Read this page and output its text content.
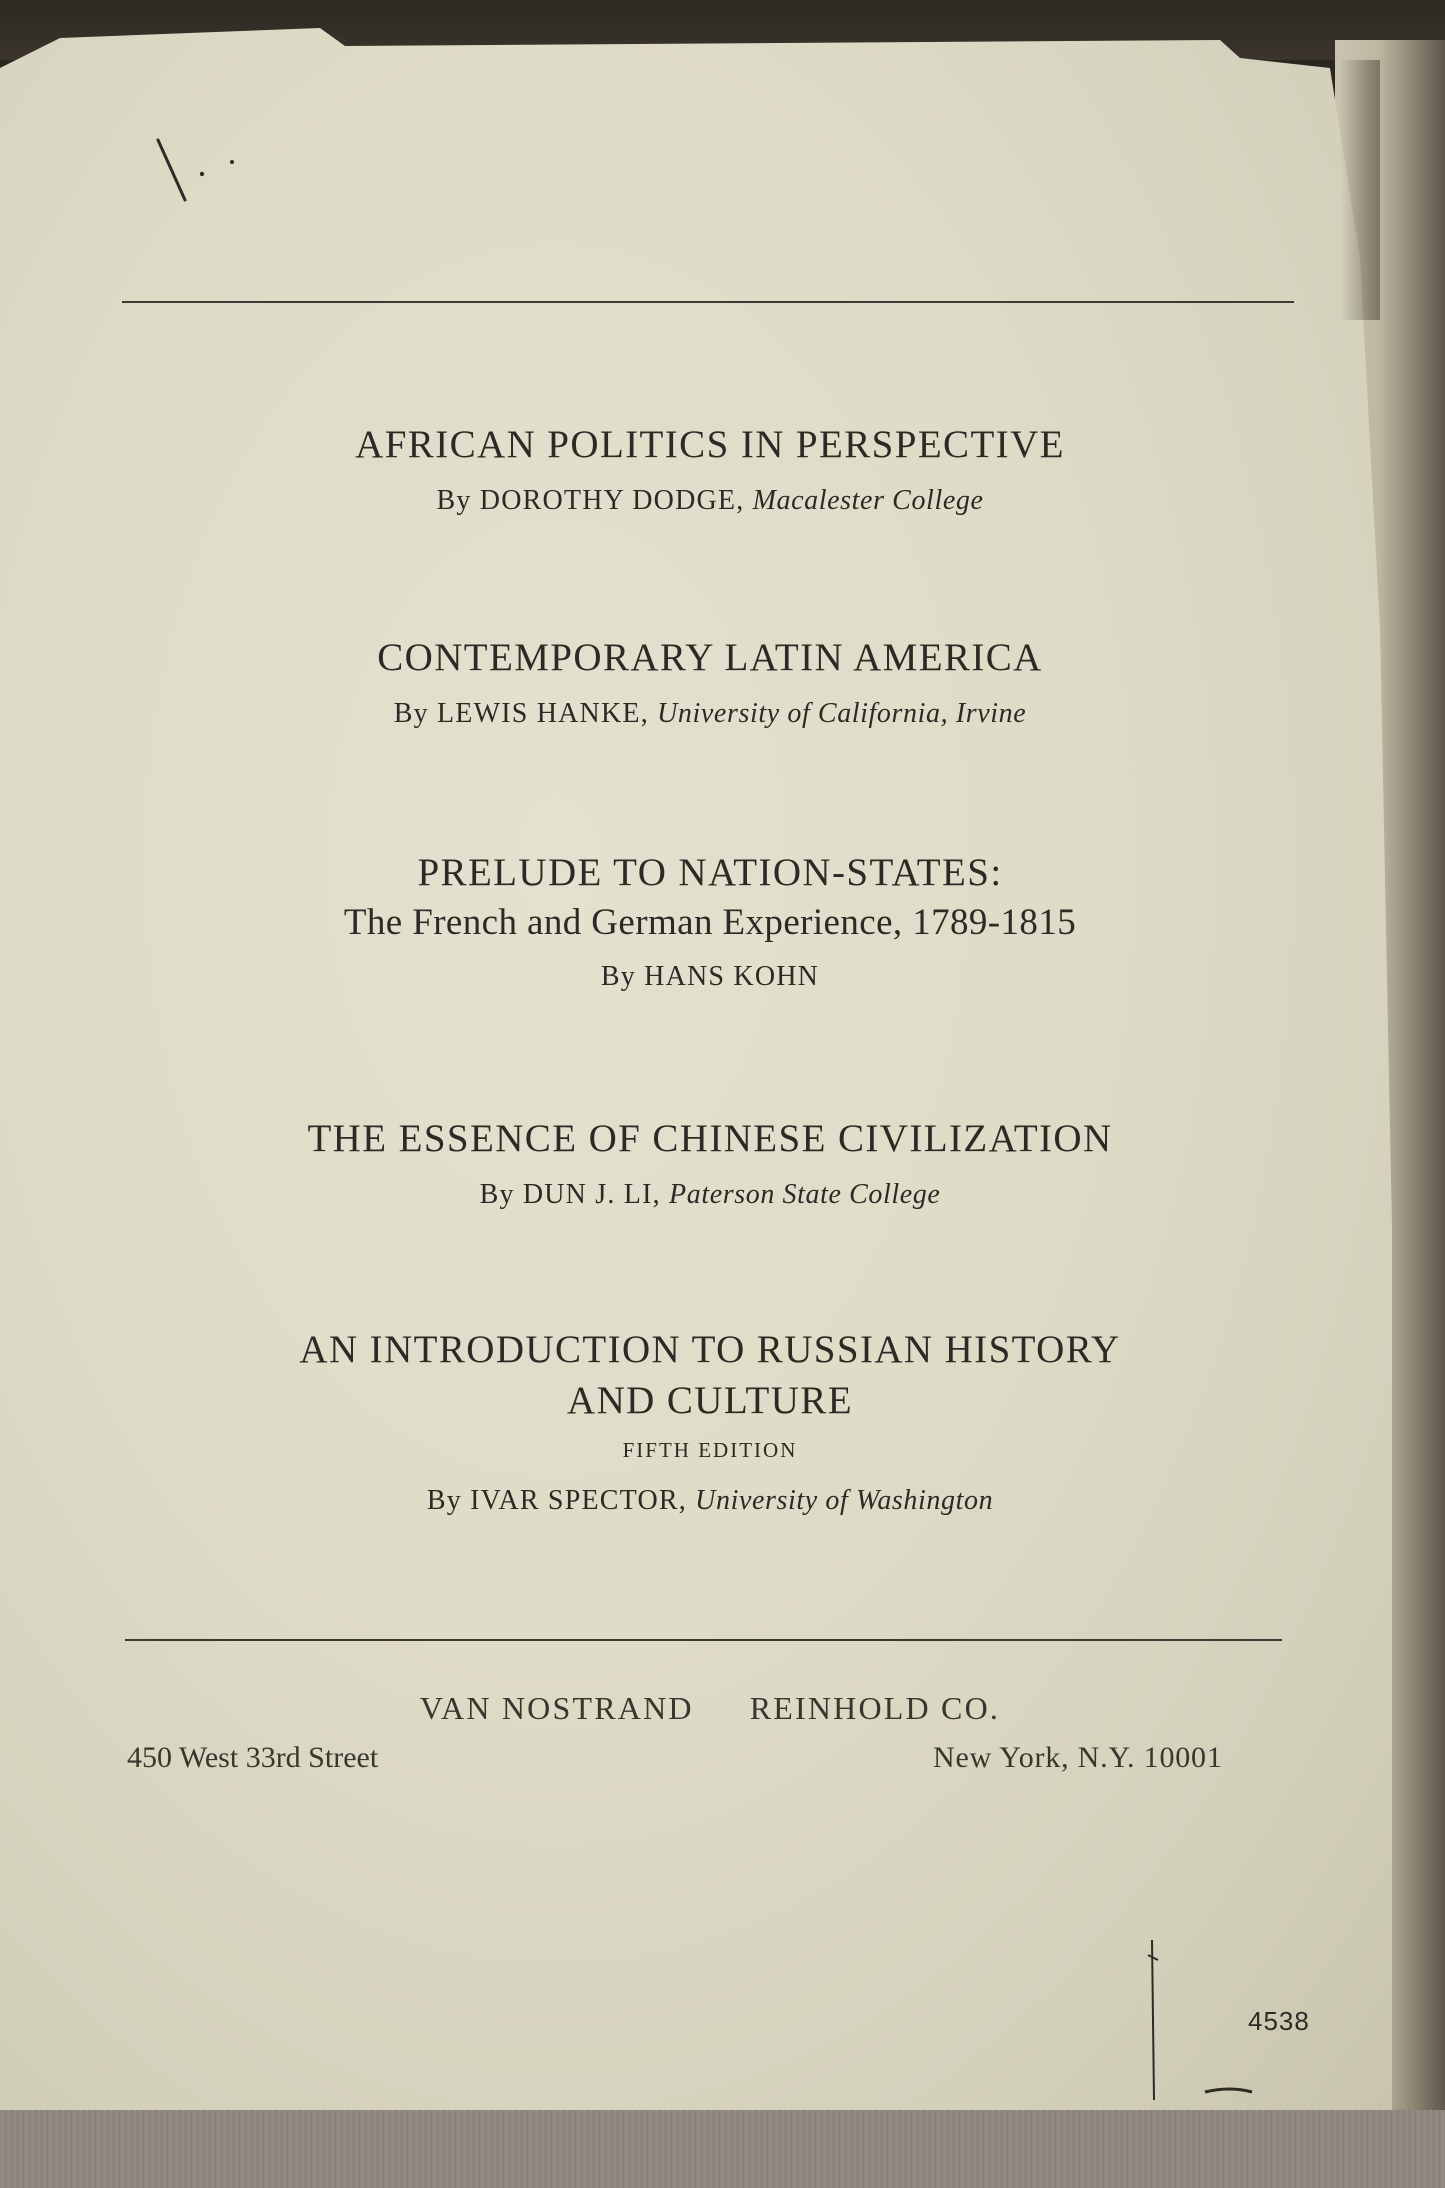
AFRICAN POLITICS IN PERSPECTIVE

By DOROTHY DODGE, Macalester College

CONTEMPORARY LATIN AMERICA

By LEWIS HANKE, University of California, Irvine

PRELUDE TO NATION-STATES:

The French and German Experience, 1789-1815

By HANS KOHN

THE ESSENCE OF CHINESE CIVILIZATION

By DUN J. LI, Paterson State College

AN INTRODUCTION TO RUSSIAN HISTORY
AND CULTURE

FIFTH EDITION

By IVAR SPECTOR, University of Washington

VAN NOSTRAND REINHOLD CO.
450 West 33rd Street	New York, N.Y. 10001
4538
